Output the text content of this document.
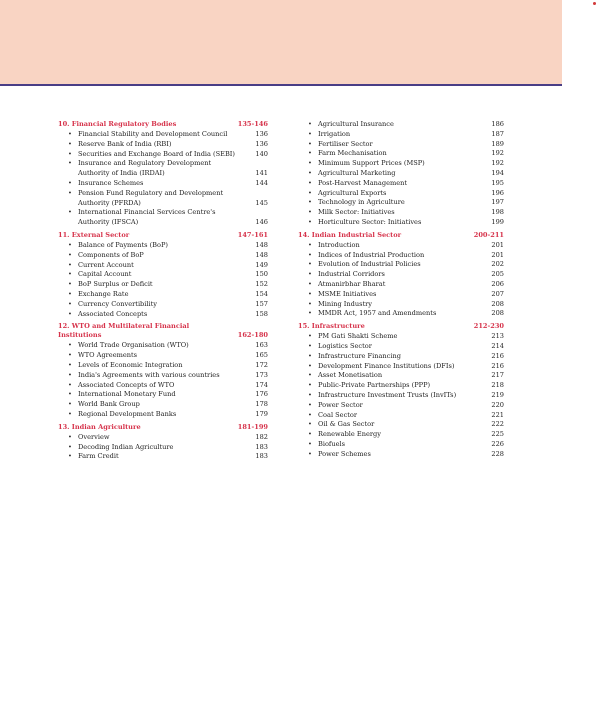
10. Financial Regulatory Bodies	135-146
• Financial Stability and Development Council	136
• Reserve Bank of India (RBI)	136
• Securities and Exchange Board of India (SEBI)	140
• Insurance and Regulatory Development Authority of India (IRDAI)	141
• Insurance Schemes	144
• Pension Fund Regulatory and Development Authority (PFRDA)	145
• International Financial Services Centre's Authority (IFSCA)	146
11. External Sector	147-161
• Balance of Payments (BoP)	148
• Components of BoP	148
• Current Account	149
• Capital Account	150
• BoP Surplus or Deficit	152
• Exchange Rate	154
• Currency Convertibility	157
• Associated Concepts	158
12. WTO and Multilateral Financial Institutions	162-180
• World Trade Organisation (WTO)	163
• WTO Agreements	165
• Levels of Economic Integration	172
• India's Agreements with various countries	173
• Associated Concepts of WTO	174
• International Monetary Fund	176
• World Bank Group	178
• Regional Development Banks	179
13. Indian Agriculture	181-199
• Overview	182
• Decoding Indian Agriculture	183
• Farm Credit	183
• Agricultural Insurance	186
• Irrigation	187
• Fertiliser Sector	189
• Farm Mechanisation	192
• Minimum Support Prices (MSP)	192
• Agricultural Marketing	194
• Post-Harvest Management	195
• Agricultural Exports	196
• Technology in Agriculture	197
• Milk Sector: Initiatives	198
• Horticulture Sector: Initiatives	199
14. Indian Industrial Sector	200-211
• Introduction	201
• Indices of Industrial Production	201
• Evolution of Industrial Policies	202
• Industrial Corridors	205
• Atmanirbhar Bharat	206
• MSME Initiatives	207
• Mining Industry	208
• MMDR Act, 1957 and Amendments	208
15. Infrastructure	212-230
• PM Gati Shakti Scheme	213
• Logistics Sector	214
• Infrastructure Financing	216
• Development Finance Institutions (DFIs)	216
• Asset Monetisation	217
• Public-Private Partnerships (PPP)	218
• Infrastructure Investment Trusts (InvITs)	219
• Power Sector	220
• Coal Sector	221
• Oil & Gas Sector	222
• Renewable Energy	225
• Biofuels	226
• Power Schemes	228
